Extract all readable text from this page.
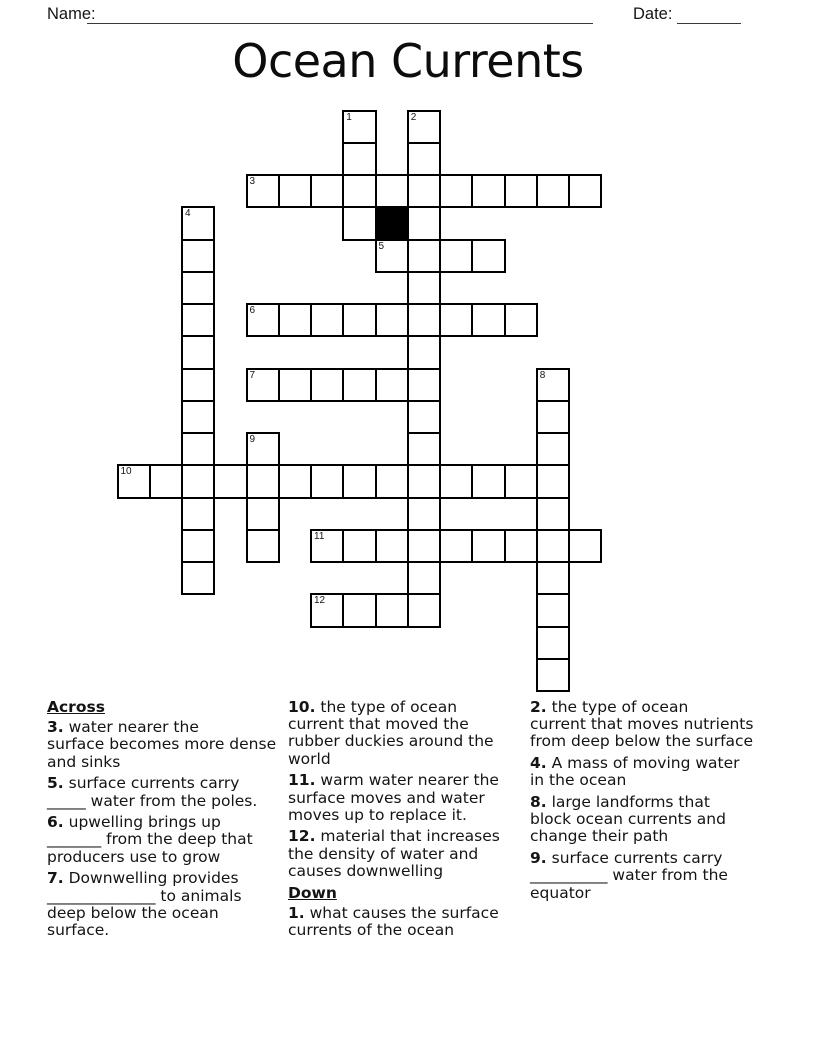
Name:	Date:
Ocean Currents
1	2
3
4
5
6
7	8
9
10
11
12
Across

3. water nearer the
surface becomes more dense
and sinks

5. surface currents carry
_____ water from the poles.

6. upwelling brings up
_______ from the deep that
producers use to grow

7. Downwelling provides
______________ to animals
deep below the ocean
surface.

10. the type of ocean
current that moved the
rubber duckies around the
world

11. warm water nearer the
surface moves and water
moves up to replace it.

12. material that increases
the density of water and
causes downwelling

Down

1. what causes the surface
currents of the ocean

2. the type of ocean
current that moves nutrients
from deep below the surface

4. A mass of moving water
in the ocean

8. large landforms that
block ocean currents and
change their path

9. surface currents carry
__________ water from the
equator
